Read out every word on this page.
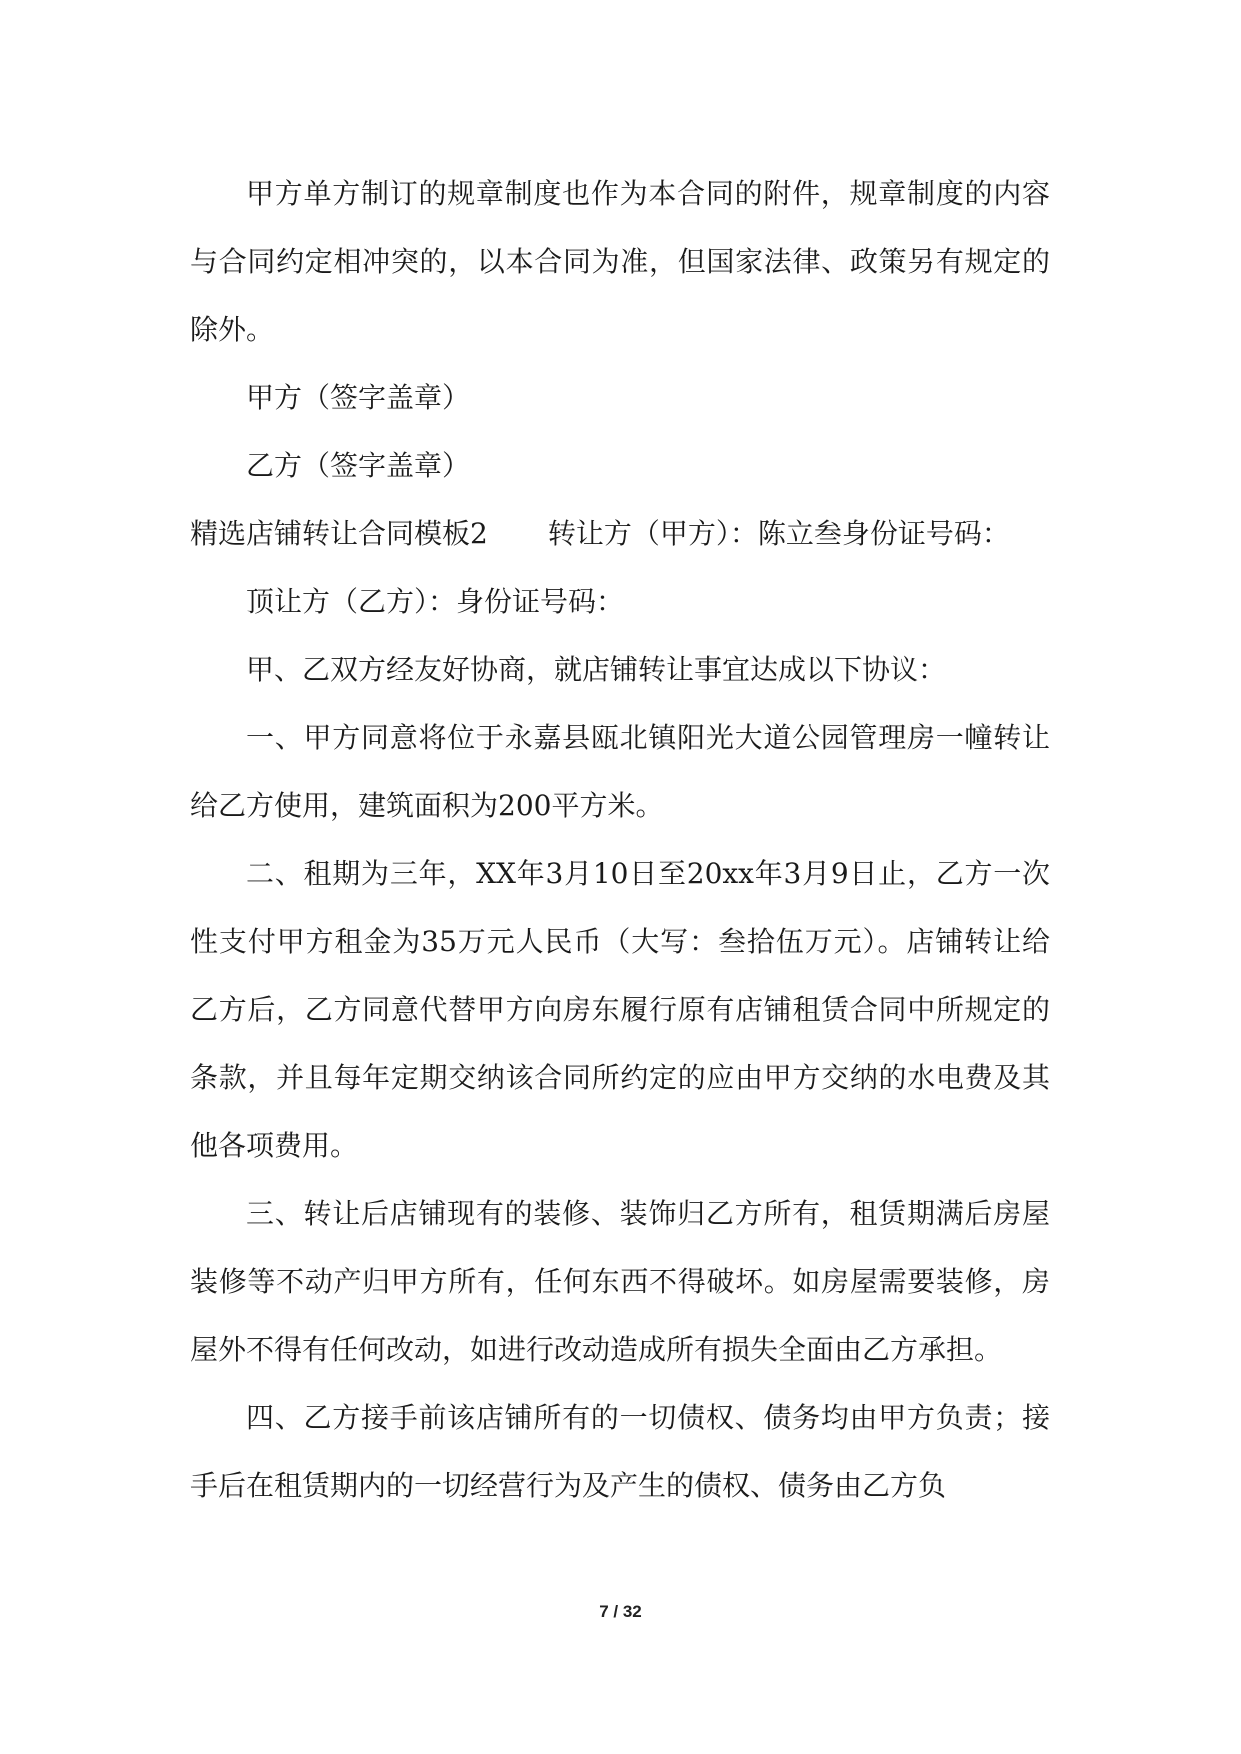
甲方单方制订的规章制度也作为本合同的附件，规章制度的内容与合同约定相冲突的，以本合同为准，但国家法律、政策另有规定的除外。

甲方（签字盖章）

乙方（签字盖章）

精选店铺转让合同模板2 转让方（甲方）：陈立叁身份证号码：

顶让方（乙方）：身份证号码：

甲、乙双方经友好协商，就店铺转让事宜达成以下协议：

一、甲方同意将位于永嘉县瓯北镇阳光大道公园管理房一幢转让给乙方使用，建筑面积为200平方米。

二、租期为三年，XX年3月10日至20xx年3月9日止，乙方一次性支付甲方租金为35万元人民币（大写：叁拾伍万元）。店铺转让给乙方后，乙方同意代替甲方向房东履行原有店铺租赁合同中所规定的条款，并且每年定期交纳该合同所约定的应由甲方交纳的水电费及其他各项费用。

三、转让后店铺现有的装修、装饰归乙方所有，租赁期满后房屋装修等不动产归甲方所有，任何东西不得破坏。如房屋需要装修，房屋外不得有任何改动，如进行改动造成所有损失全面由乙方承担。

四、乙方接手前该店铺所有的一切债权、债务均由甲方负责；接手后在租赁期内的一切经营行为及产生的债权、债务由乙方负

7 / 32
